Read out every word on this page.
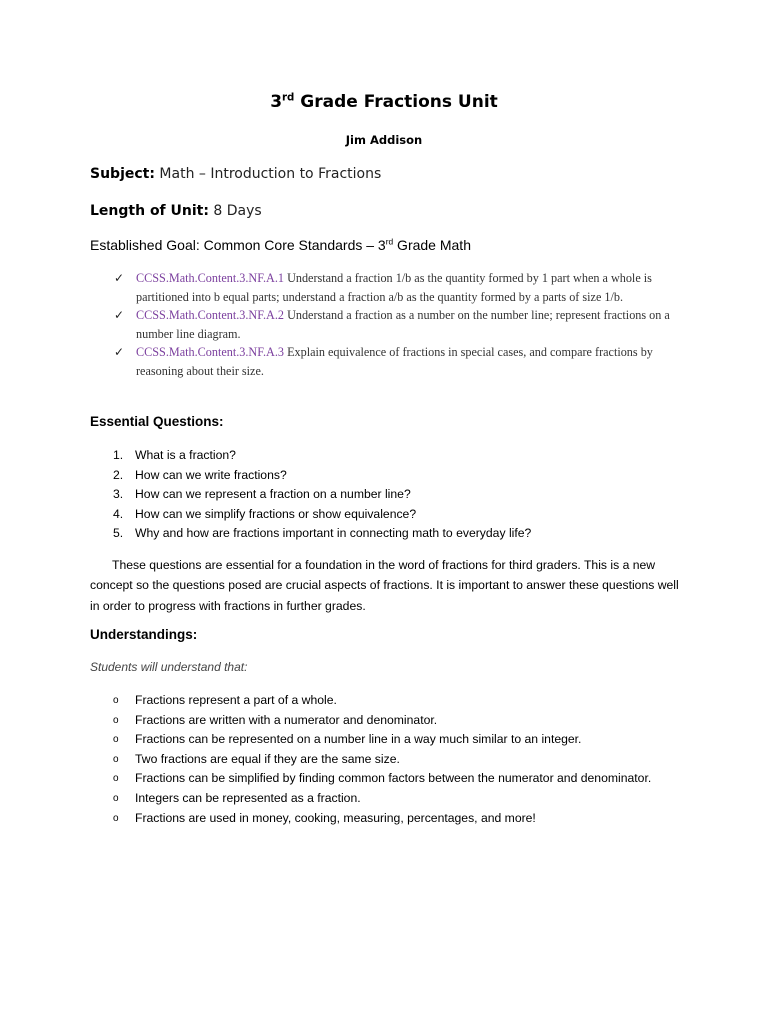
3rd Grade Fractions Unit
Jim Addison
Subject: Math – Introduction to Fractions
Length of Unit: 8 Days
Established Goal: Common Core Standards – 3rd Grade Math
✓ CCSS.Math.Content.3.NF.A.1 Understand a fraction 1/b as the quantity formed by 1 part when a whole is partitioned into b equal parts; understand a fraction a/b as the quantity formed by a parts of size 1/b.
✓ CCSS.Math.Content.3.NF.A.2 Understand a fraction as a number on the number line; represent fractions on a number line diagram.
✓ CCSS.Math.Content.3.NF.A.3 Explain equivalence of fractions in special cases, and compare fractions by reasoning about their size.
Essential Questions:
1. What is a fraction?
2. How can we write fractions?
3. How can we represent a fraction on a number line?
4. How can we simplify fractions or show equivalence?
5. Why and how are fractions important in connecting math to everyday life?
These questions are essential for a foundation in the word of fractions for third graders. This is a new concept so the questions posed are crucial aspects of fractions. It is important to answer these questions well in order to progress with fractions in further grades.
Understandings:
Students will understand that:
o Fractions represent a part of a whole.
o Fractions are written with a numerator and denominator.
o Fractions can be represented on a number line in a way much similar to an integer.
o Two fractions are equal if they are the same size.
o Fractions can be simplified by finding common factors between the numerator and denominator.
o Integers can be represented as a fraction.
o Fractions are used in money, cooking, measuring, percentages, and more!
